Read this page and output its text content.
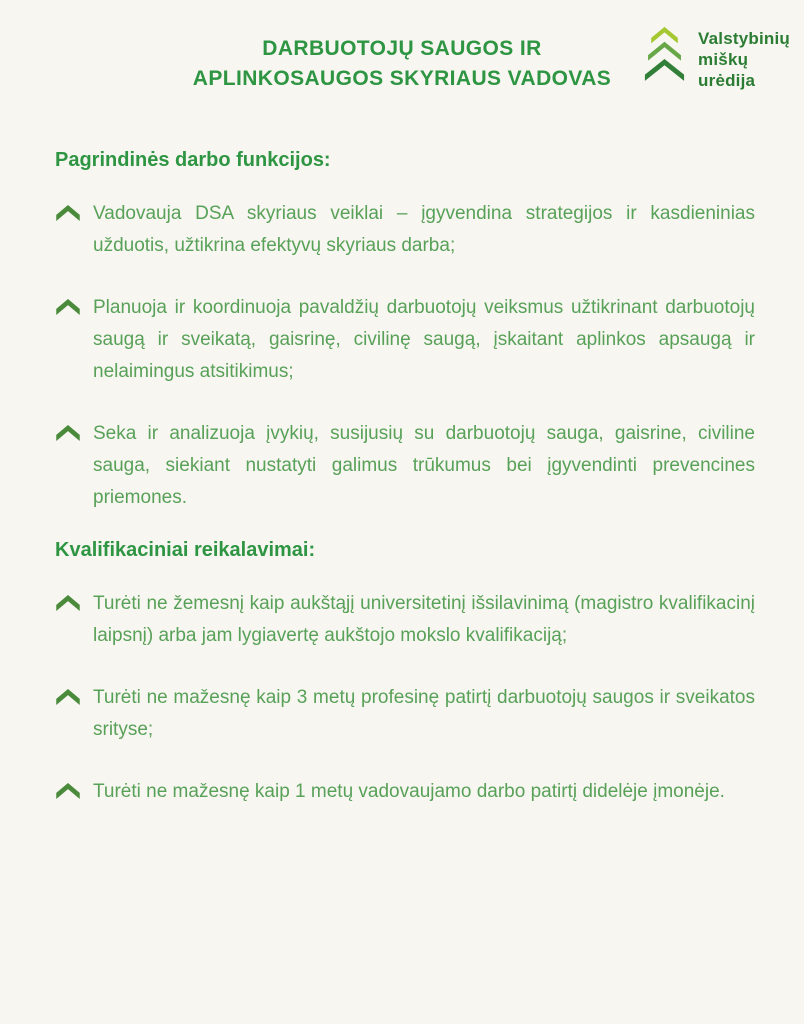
DARBUOTOJŲ SAUGOS IR
APLINKOSAUGOS SKYRIAUS VADOVAS
Valstybinių
miškų
urėdija
Pagrindinės darbo funkcijos:

Vadovauja DSA skyriaus veiklai – įgyvendina strategijos ir kasdieninias užduotis, užtikrina efektyvų skyriaus darba;

Planuoja ir koordinuoja pavaldžių darbuotojų veiksmus užtikrinant darbuotojų saugą ir sveikatą, gaisrinę, civilinę saugą, įskaitant aplinkos apsaugą ir nelaimingus atsitikimus;

Seka ir analizuoja įvykių, susijusių su darbuotojų sauga, gaisrine, civiline sauga, siekiant nustatyti galimus trūkumus bei įgyvendinti prevencines priemones.

Kvalifikaciniai reikalavimai:

Turėti ne žemesnį kaip aukštąjį universitetinį išsilavinimą (magistro kvalifikacinį laipsnį) arba jam lygiavertę aukštojo mokslo kvalifikaciją;

Turėti ne mažesnę kaip 3 metų profesinę patirtį darbuotojų saugos ir sveikatos srityse;

Turėti ne mažesnę kaip 1 metų vadovaujamo darbo patirtį didelėje įmonėje.
